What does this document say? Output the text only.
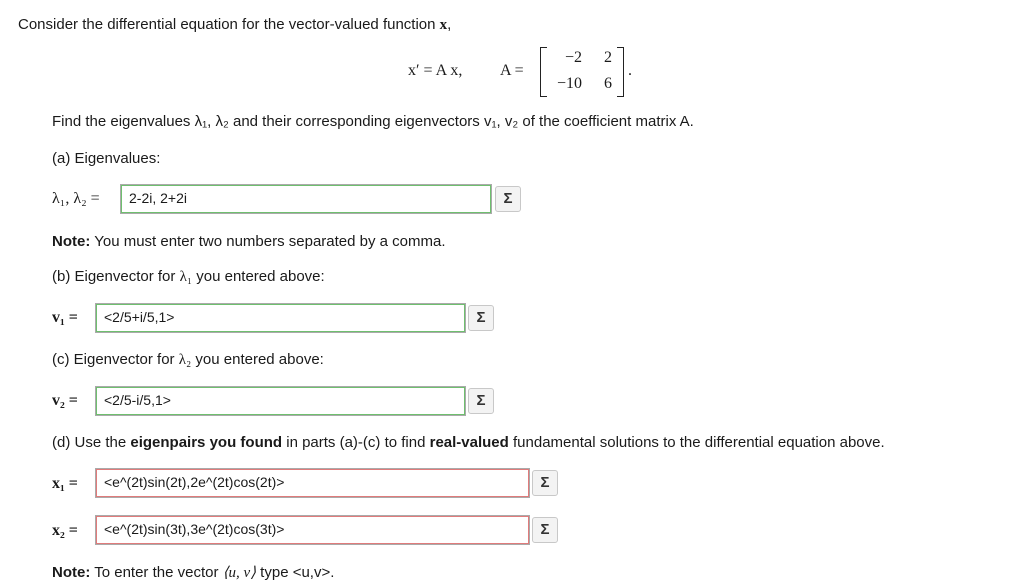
Consider the differential equation for the vector-valued function x,
x′ = A x, A =
−2	2
−10	6
.
Find the eigenvalues λ₁, λ₂ and their corresponding eigenvectors v₁, v₂ of the coefficient matrix A.
(a) Eigenvalues:
λ₁, λ₂ =	2-2i, 2+2i	Σ
Note: You must enter two numbers separated by a comma.
(b) Eigenvector for λ₁ you entered above:
v₁ =	<2/5+i/5,1>	Σ
(c) Eigenvector for λ₂ you entered above:
v₂ =	<2/5-i/5,1>	Σ
(d) Use the eigenpairs you found in parts (a)-(c) to find real-valued fundamental solutions to the differential equation above.
x₁ =	<e^(2t)sin(2t),2e^(2t)cos(2t)>	Σ
x₂ =	<e^(2t)sin(3t),3e^(2t)cos(3t)>	Σ
Note: To enter the vector ⟨u, v⟩ type <u,v>.
